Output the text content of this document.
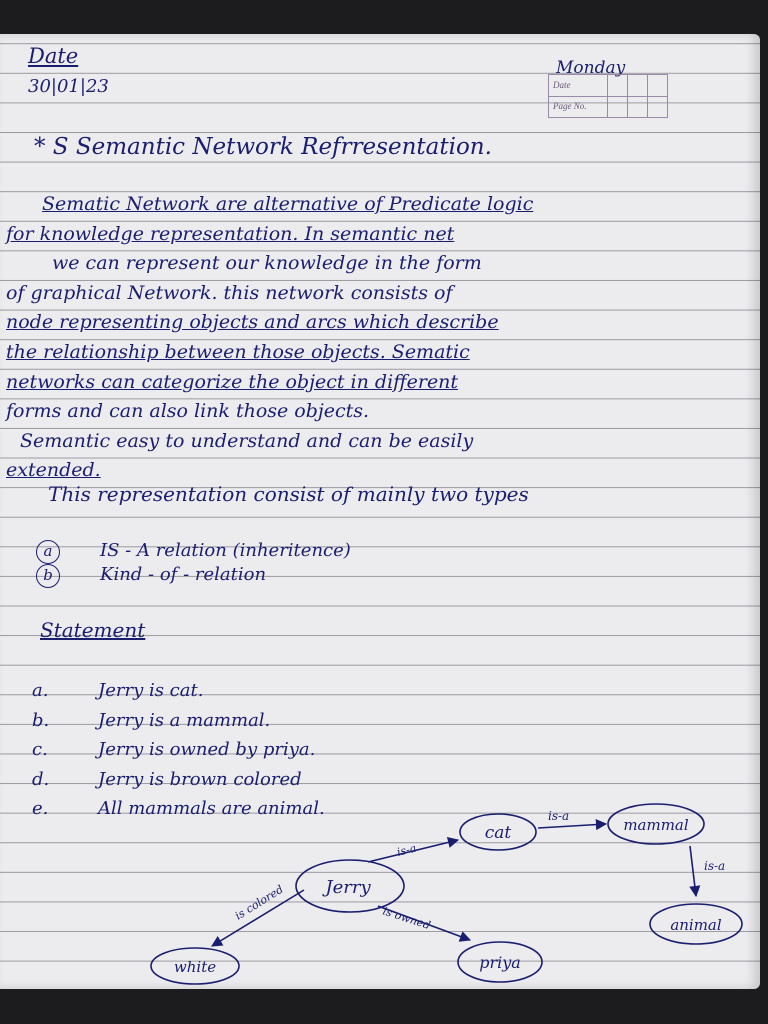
Date
30|01|23
Monday
Date
Page No.
* S Semantic Network Refrresentation.
Sematic Network are alternative of Predicate logic
for knowledge representation. In semantic net
we can represent our knowledge in the form
of graphical Network. this network consists of
node representing objects and arcs which describe
the relationship between those objects. Sematic
networks can categorize the object in different
forms and can also link those objects.
Semantic easy to understand and can be easily
extended.
This representation consist of mainly two types
a	IS - A relation (inheritence)
b	Kind - of - relation
Statement
a.	Jerry is cat.
b.	Jerry is a mammal.
c.	Jerry is owned by priya.
d.	Jerry is brown colored
e.	All mammals are animal.
cat	mammal
animal
Jerry
white	priya
is-a
is-a
is-a
is colored	is owned
